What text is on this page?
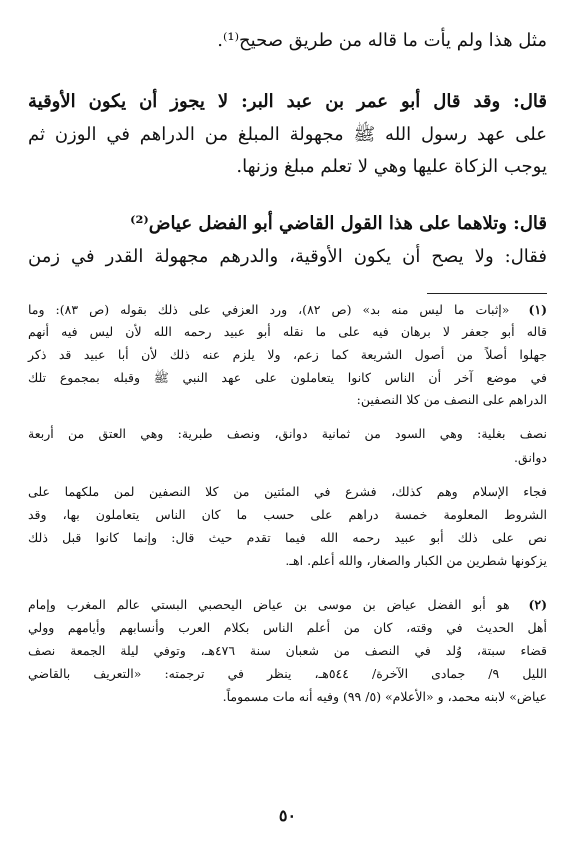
مثل هذا ولم يأت ما قاله من طريق صحيح⁽¹⁾.
قال: وقد قال أبو عمر بن عبد البر: لا يجوز أن يكون الأوقية
على عهد رسول الله ﷺ مجهولة المبلغ من الدراهم في الوزن ثم
يوجب الزكاة عليها وهي لا تعلم مبلغ وزنها.
قال: وتلاهما على هذا القول القاضي أبو الفضل عياض⁽²⁾
فقال: ولا يصح أن يكون الأوقية، والدرهم مجهولة القدر في زمن
(١) «إثبات ما ليس منه بد» (ص ٨٢)، ورد العزفي على ذلك بقوله (ص ٨٣): وما
قاله أبو جعفر لا برهان فيه على ما نقله أبو عبيد رحمه الله لأن ليس فيه أنهم
جهلوا أصلاً من أصول الشريعة كما زعم، ولا يلزم عنه ذلك لأن أبا عبيد قد ذكر
في موضع آخر أن الناس كانوا يتعاملون على عهد النبي ﷺ وقبله بمجموع تلك
الدراهم على النصف من كلا النصفين:
نصف بغلية: وهي السود من ثمانية دوانق، ونصف طبرية: وهي العتق من أربعة
دوانق.
فجاء الإسلام وهم كذلك، فشرع في المئتين من كلا النصفين لمن ملكهما على
الشروط المعلومة خمسة دراهم على حسب ما كان الناس يتعاملون بها، وقد
نص على ذلك أبو عبيد رحمه الله فيما تقدم حيث قال: وإنما كانوا قبل ذلك
يزكونها شطرين من الكبار والصغار، والله أعلم. اهـ.
(٢) هو أبو الفضل عياض بن موسى بن عياض اليحصبي البستي عالم المغرب وإمام
أهل الحديث في وقته، كان من أعلم الناس بكلام العرب وأنسابهم وأيامهم وولي
قضاء سبتة، وُلد في النصف من شعبان سنة ٤٧٦هـ، وتوفي ليلة الجمعة نصف
الليل ٩/ جمادى الآخرة/ ٥٤٤هـ، ينظر في ترجمته: «التعريف بالقاضي
عياض» لابنه محمد، و «الأعلام» (٥/ ٩٩) وفيه أنه مات مسموماً.
٥٠
